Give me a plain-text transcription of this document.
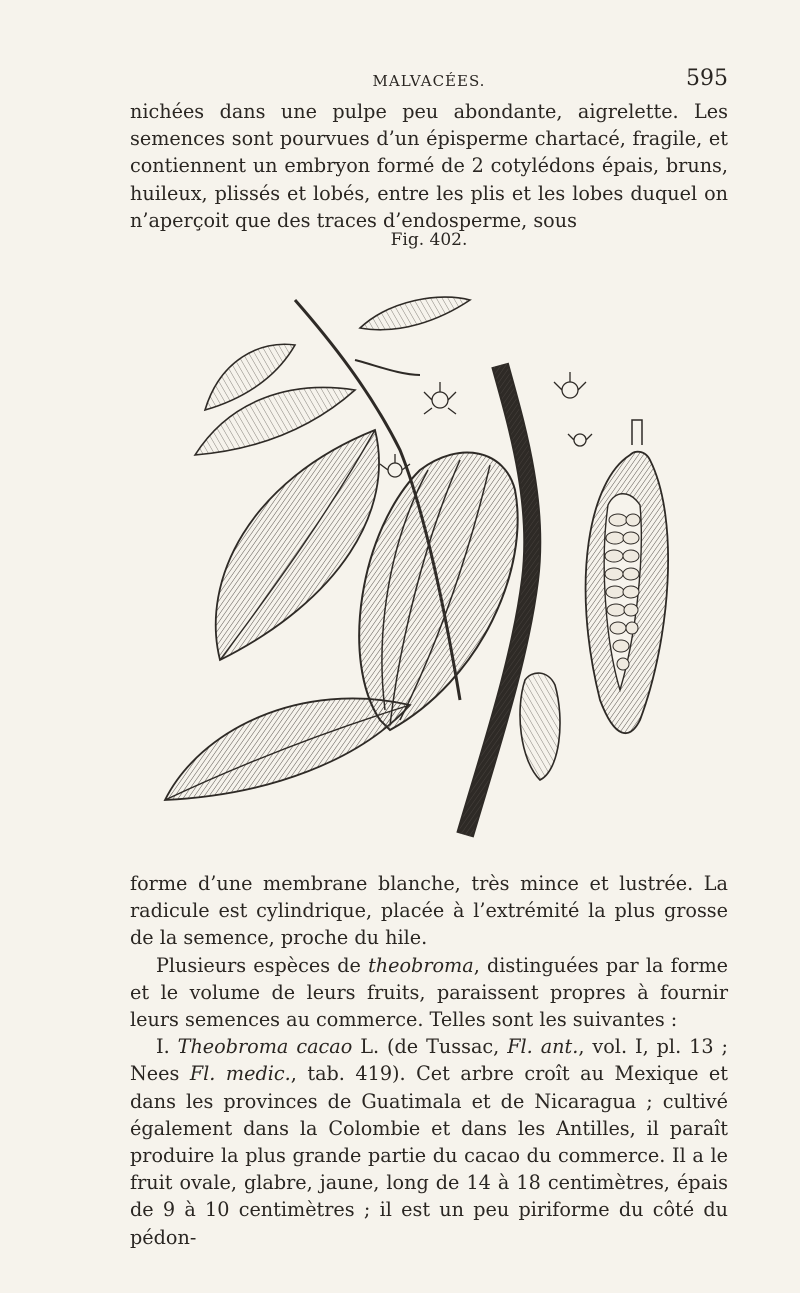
MALVACÉES.	595

nichées dans une pulpe peu abondante, aigrelette. Les semences sont pourvues d’un épisperme chartacé, fragile, et contiennent un embryon formé de 2 cotylédons épais, bruns, huileux, plissés et lobés, entre les plis et les lobes duquel on n’aperçoit que des traces d’endosperme, sous

Fig. 402.

forme d’une membrane blanche, très mince et lustrée. La radicule est cylindrique, placée à l’extrémité la plus grosse de la semence, proche du hile.

Plusieurs espèces de theobroma, distinguées par la forme et le volume de leurs fruits, paraissent propres à fournir leurs semences au commerce. Telles sont les suivantes :

I. Theobroma cacao L. (de Tussac, Fl. ant., vol. I, pl. 13 ; Nees Fl. medic., tab. 419). Cet arbre croît au Mexique et dans les provinces de Guatimala et de Nicaragua ; cultivé également dans la Colombie et dans les Antilles, il paraît produire la plus grande partie du cacao du commerce. Il a le fruit ovale, glabre, jaune, long de 14 à 18 centimètres, épais de 9 à 10 centimètres ; il est un peu piriforme du côté du pédon-
